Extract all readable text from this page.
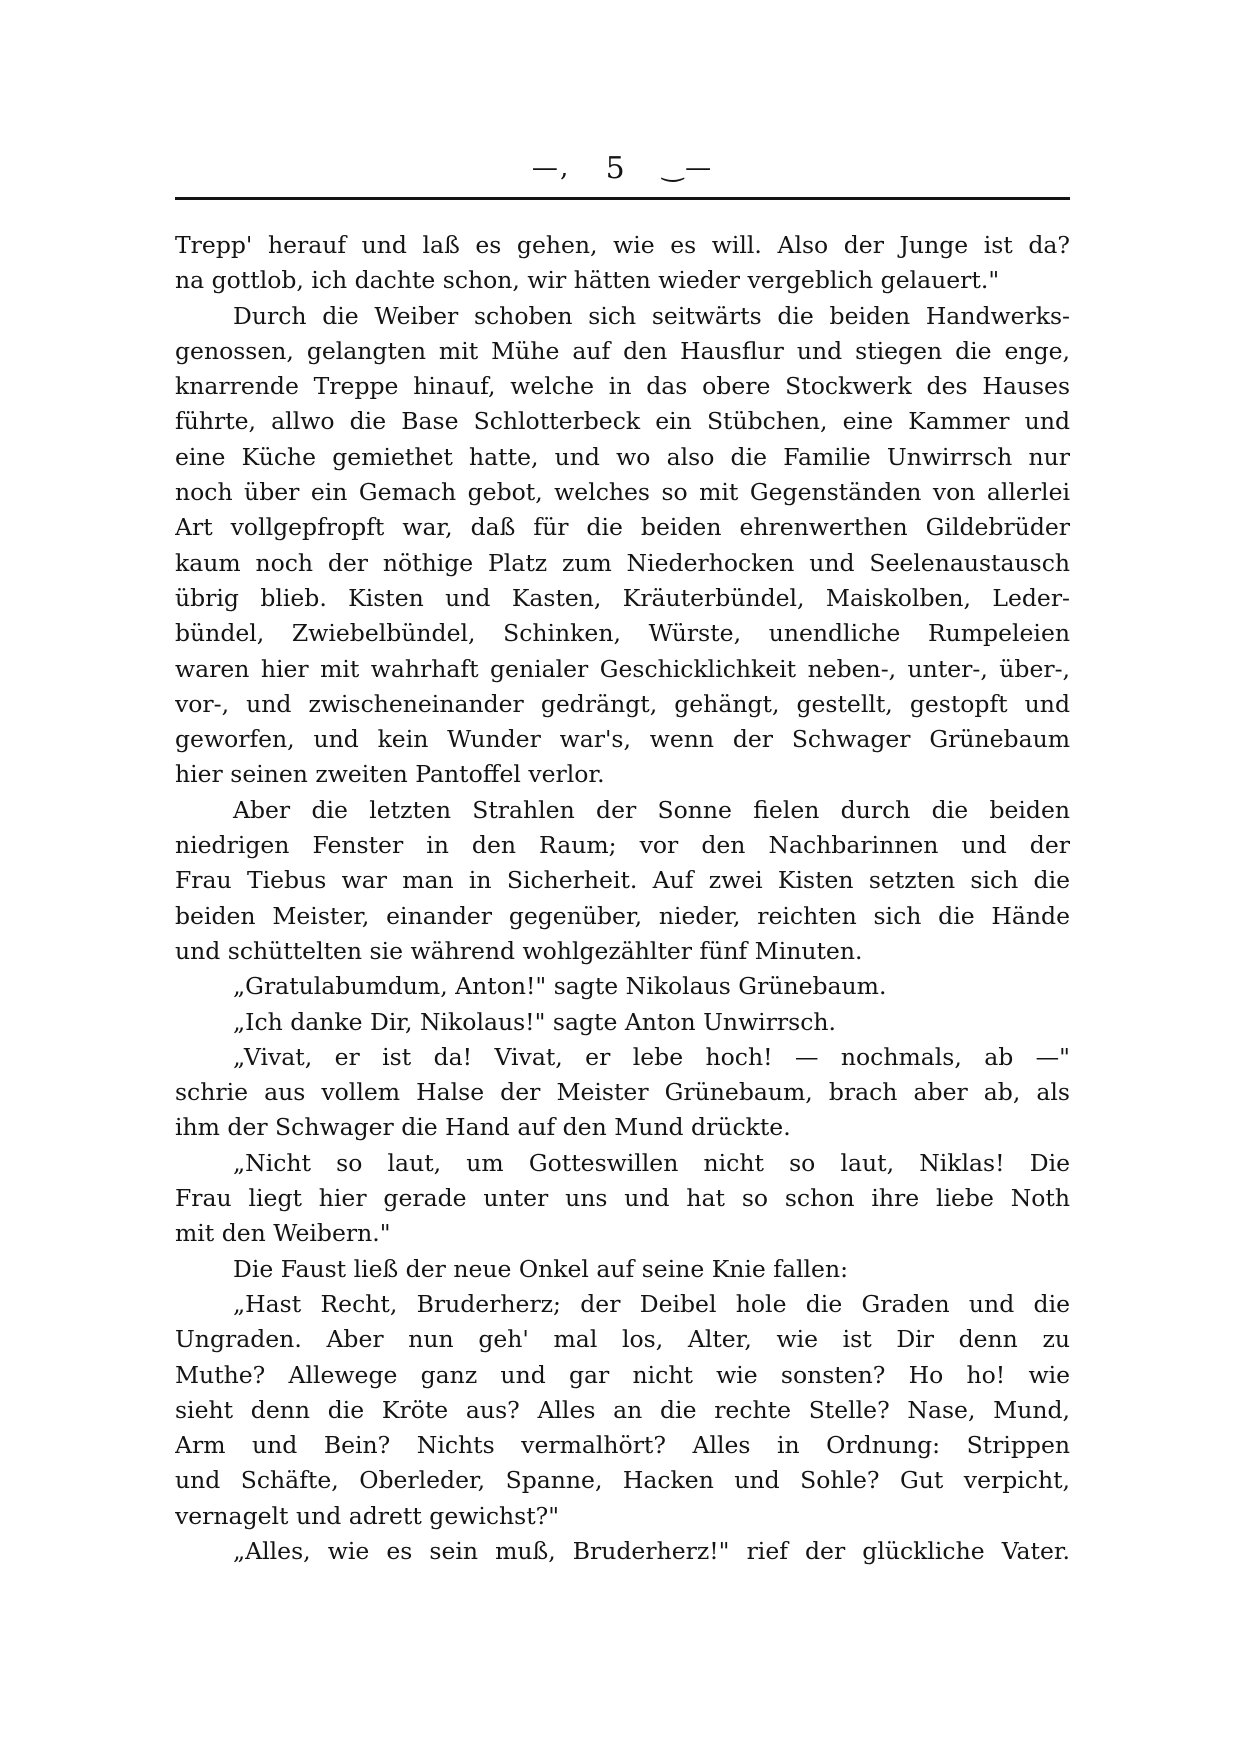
—‚ 5 ‿—
Trepp' herauf und laß es gehen, wie es will. Also der Junge ist da?
na gottlob, ich dachte schon, wir hätten wieder vergeblich gelauert."
Durch die Weiber schoben sich seitwärts die beiden Handwerks-
genossen, gelangten mit Mühe auf den Hausflur und stiegen die enge,
knarrende Treppe hinauf, welche in das obere Stockwerk des Hauses
führte, allwo die Base Schlotterbeck ein Stübchen, eine Kammer und
eine Küche gemiethet hatte, und wo also die Familie Unwirrsch nur
noch über ein Gemach gebot, welches so mit Gegenständen von allerlei
Art vollgepfropft war, daß für die beiden ehrenwerthen Gildebrüder
kaum noch der nöthige Platz zum Niederhocken und Seelenaustausch
übrig blieb. Kisten und Kasten, Kräuterbündel, Maiskolben, Leder-
bündel, Zwiebelbündel, Schinken, Würste, unendliche Rumpeleien
waren hier mit wahrhaft genialer Geschicklichkeit neben-, unter-, über-,
vor-, und zwischeneinander gedrängt, gehängt, gestellt, gestopft und
geworfen, und kein Wunder war's, wenn der Schwager Grünebaum
hier seinen zweiten Pantoffel verlor.
Aber die letzten Strahlen der Sonne fielen durch die beiden
niedrigen Fenster in den Raum; vor den Nachbarinnen und der
Frau Tiebus war man in Sicherheit. Auf zwei Kisten setzten sich die
beiden Meister, einander gegenüber, nieder, reichten sich die Hände
und schüttelten sie während wohlgezählter fünf Minuten.
„Gratulabumdum, Anton!" sagte Nikolaus Grünebaum.
„Ich danke Dir, Nikolaus!" sagte Anton Unwirrsch.
„Vivat, er ist da! Vivat, er lebe hoch! — nochmals, ab —"
schrie aus vollem Halse der Meister Grünebaum, brach aber ab, als
ihm der Schwager die Hand auf den Mund drückte.
„Nicht so laut, um Gotteswillen nicht so laut, Niklas! Die
Frau liegt hier gerade unter uns und hat so schon ihre liebe Noth
mit den Weibern."
Die Faust ließ der neue Onkel auf seine Knie fallen:
„Hast Recht, Bruderherz; der Deibel hole die Graden und die
Ungraden. Aber nun geh' mal los, Alter, wie ist Dir denn zu
Muthe? Allewege ganz und gar nicht wie sonsten? Ho ho! wie
sieht denn die Kröte aus? Alles an die rechte Stelle? Nase, Mund,
Arm und Bein? Nichts vermalhört? Alles in Ordnung: Strippen
und Schäfte, Oberleder, Spanne, Hacken und Sohle? Gut verpicht,
vernagelt und adrett gewichst?"
„Alles, wie es sein muß, Bruderherz!" rief der glückliche Vater.
